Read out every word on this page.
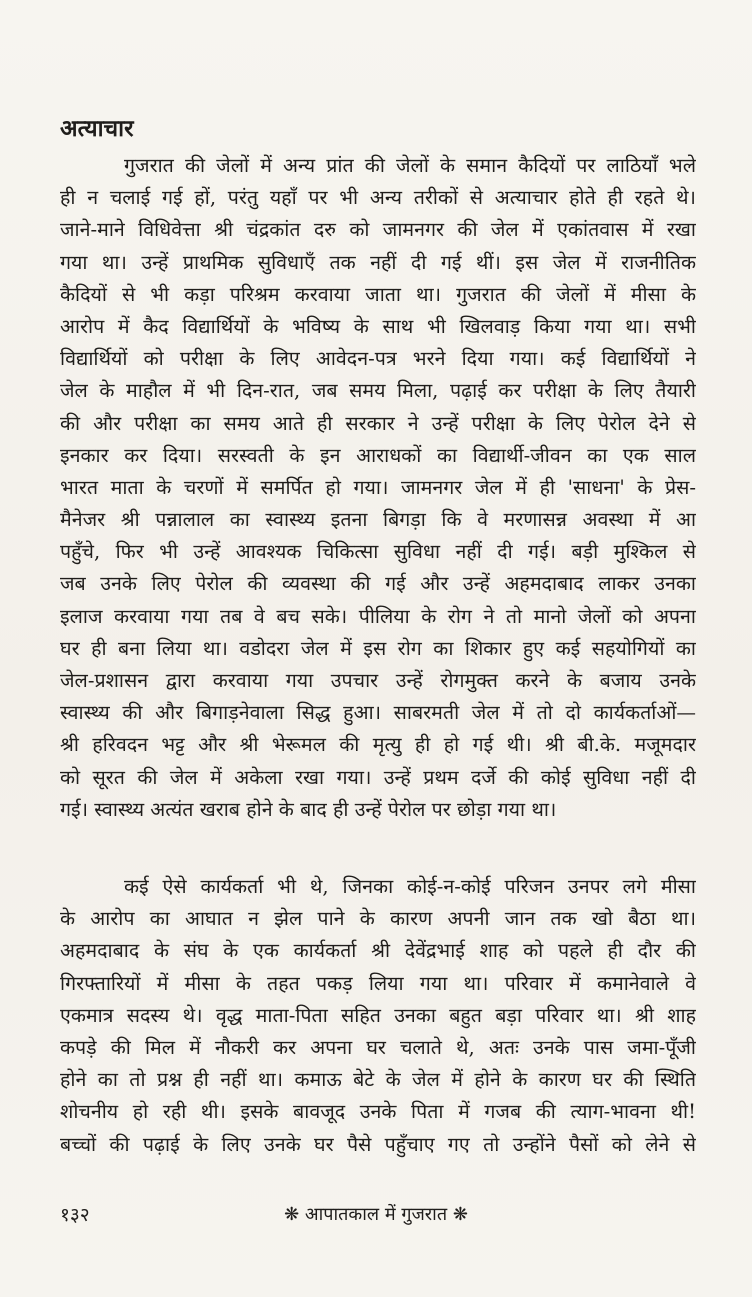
अत्याचार
गुजरात की जेलों में अन्य प्रांत की जेलों के समान कैदियों पर लाठियाँ भले
ही न चलाई गई हों, परंतु यहाँ पर भी अन्य तरीकों से अत्याचार होते ही रहते थे।
जाने-माने विधिवेत्ता श्री चंद्रकांत दरु को जामनगर की जेल में एकांतवास में रखा
गया था। उन्हें प्राथमिक सुविधाएँ तक नहीं दी गई थीं। इस जेल में राजनीतिक
कैदियों से भी कड़ा परिश्रम करवाया जाता था। गुजरात की जेलों में मीसा के
आरोप में कैद विद्यार्थियों के भविष्य के साथ भी खिलवाड़ किया गया था। सभी
विद्यार्थियों को परीक्षा के लिए आवेदन-पत्र भरने दिया गया। कई विद्यार्थियों ने
जेल के माहौल में भी दिन-रात, जब समय मिला, पढ़ाई कर परीक्षा के लिए तैयारी
की और परीक्षा का समय आते ही सरकार ने उन्हें परीक्षा के लिए पेरोल देने से
इनकार कर दिया। सरस्वती के इन आराधकों का विद्यार्थी-जीवन का एक साल
भारत माता के चरणों में समर्पित हो गया। जामनगर जेल में ही 'साधना' के प्रेस-
मैनेजर श्री पन्नालाल का स्वास्थ्य इतना बिगड़ा कि वे मरणासन्न अवस्था में आ
पहुँचे, फिर भी उन्हें आवश्यक चिकित्सा सुविधा नहीं दी गई। बड़ी मुश्किल से
जब उनके लिए पेरोल की व्यवस्था की गई और उन्हें अहमदाबाद लाकर उनका
इलाज करवाया गया तब वे बच सके। पीलिया के रोग ने तो मानो जेलों को अपना
घर ही बना लिया था। वडोदरा जेल में इस रोग का शिकार हुए कई सहयोगियों का
जेल-प्रशासन द्वारा करवाया गया उपचार उन्हें रोगमुक्त करने के बजाय उनके
स्वास्थ्य की और बिगाड़नेवाला सिद्ध हुआ। साबरमती जेल में तो दो कार्यकर्ताओं—
श्री हरिवदन भट्ट और श्री भेरूमल की मृत्यु ही हो गई थी। श्री बी.के. मजूमदार
को सूरत की जेल में अकेला रखा गया। उन्हें प्रथम दर्जे की कोई सुविधा नहीं दी
गई। स्वास्थ्य अत्यंत खराब होने के बाद ही उन्हें पेरोल पर छोड़ा गया था।
कई ऐसे कार्यकर्ता भी थे, जिनका कोई-न-कोई परिजन उनपर लगे मीसा
के आरोप का आघात न झेल पाने के कारण अपनी जान तक खो बैठा था।
अहमदाबाद के संघ के एक कार्यकर्ता श्री देवेंद्रभाई शाह को पहले ही दौर की
गिरफ्तारियों में मीसा के तहत पकड़ लिया गया था। परिवार में कमानेवाले वे
एकमात्र सदस्य थे। वृद्ध माता-पिता सहित उनका बहुत बड़ा परिवार था। श्री शाह
कपड़े की मिल में नौकरी कर अपना घर चलाते थे, अतः उनके पास जमा-पूँजी
होने का तो प्रश्न ही नहीं था। कमाऊ बेटे के जेल में होने के कारण घर की स्थिति
शोचनीय हो रही थी। इसके बावजूद उनके पिता में गजब की त्याग-भावना थी!
बच्चों की पढ़ाई के लिए उनके घर पैसे पहुँचाए गए तो उन्होंने पैसों को लेने से
१३२	❋ आपातकाल में गुजरात ❋
